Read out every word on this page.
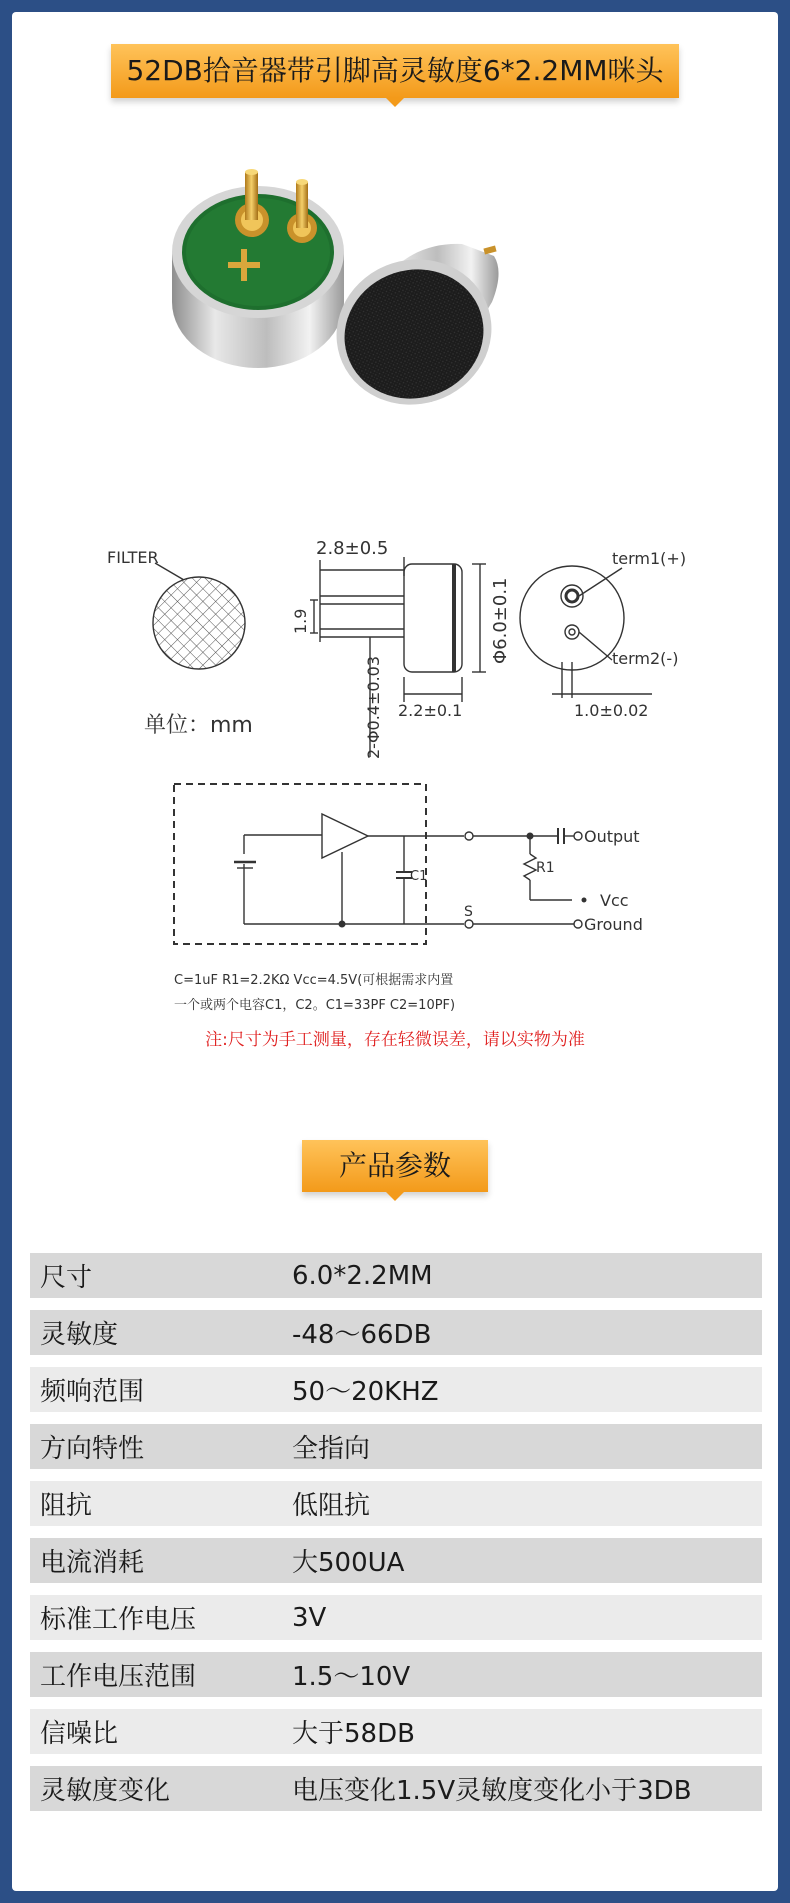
52DB拾音器带引脚高灵敏度6*2.2MM咪头
FILTER
单位：mm
2.8±0.5
1.9
2-Φ0.4±0.03 2.2±0.1
Φ6.0±0.1
1.0±0.02
term1(+)
term2(-)
Output
Vcc
Ground
R1
C1
S
C=1uF R1=2.2KΩ Vcc=4.5V(可根据需求内置
一个或两个电容C1，C2。C1=33PF C2=10PF)
注:尺寸为手工测量，存在轻微误差，请以实物为准
产品参数
尺寸	6.0*2.2MM
灵敏度	-48～66DB
频响范围	50～20KHZ
方向特性	全指向
阻抗	低阻抗
电流消耗	大500UA
标准工作电压	3V
工作电压范围	1.5～10V
信噪比	大于58DB
灵敏度变化	电压变化1.5V灵敏度变化小于3DB
